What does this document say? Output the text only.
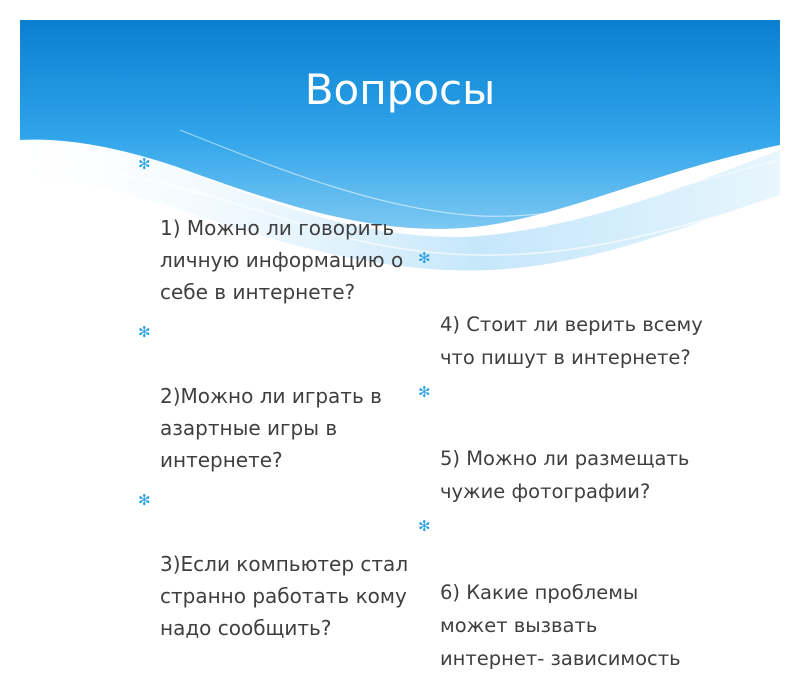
Вопросы

✻

1) Можно ли говорить
личную информацию о
себе в интернете?

✻

2)Можно ли играть в
азартные игры в
интернете?

✻

3)Если компьютер стал
странно работать кому
надо сообщить?

✻

4) Стоит ли верить всему
что пишут в интернете?

✻

5) Можно ли размещать
чужие фотографии?

✻

6) Какие проблемы
может вызвать
интернет- зависимость
